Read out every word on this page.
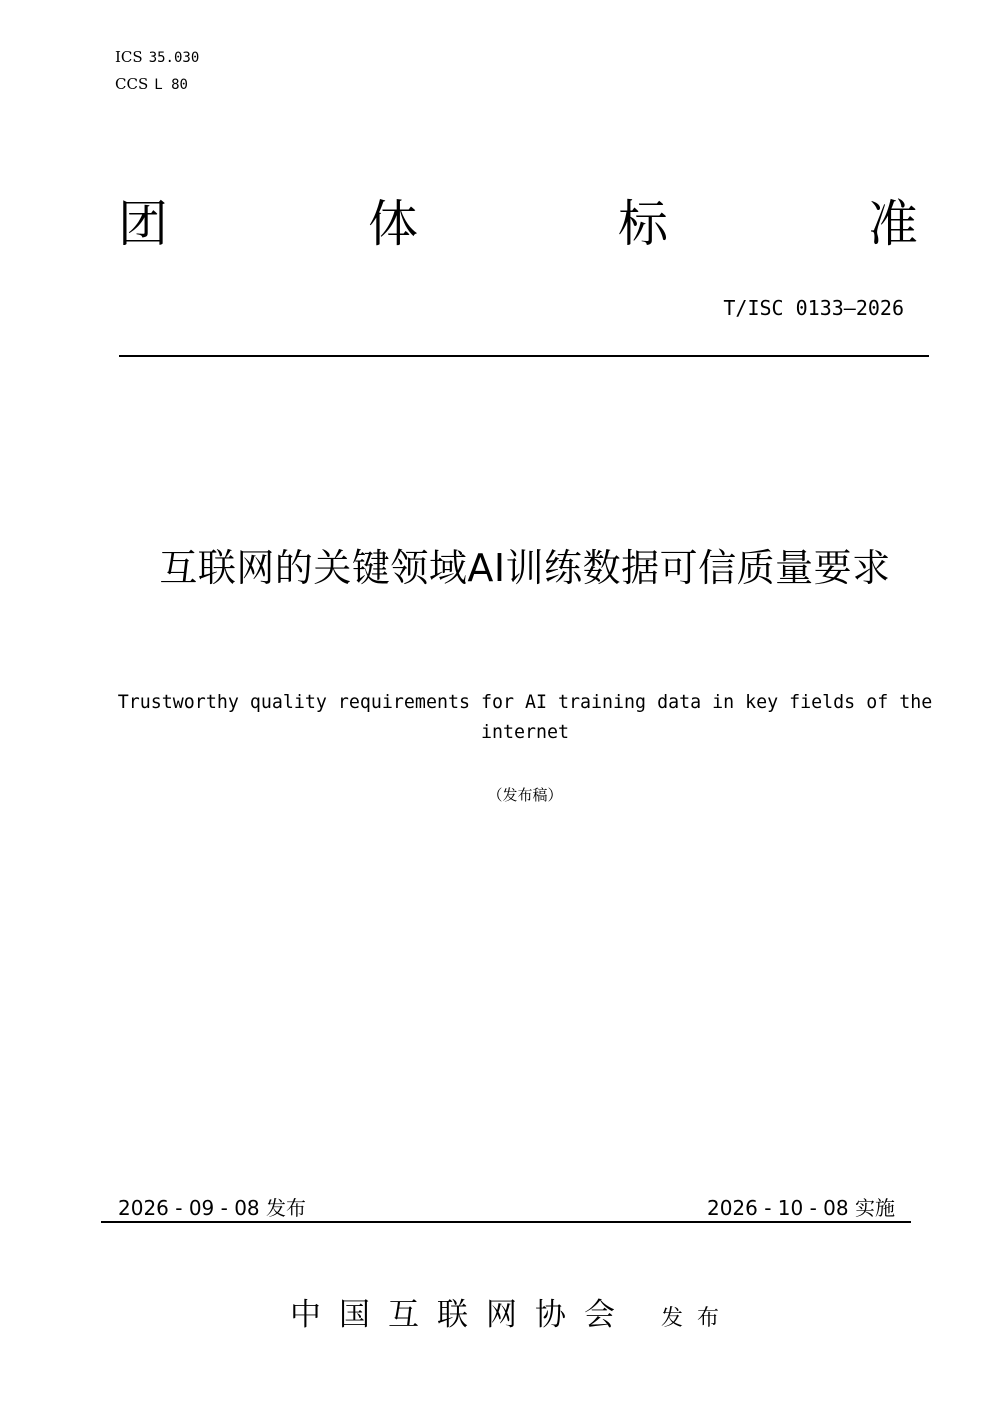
ICS 35.030
CCS L 80
团	体	标	准
T/ISC 0133—2026
互联网的关键领域AI训练数据可信质量要求
Trustworthy quality requirements for AI training data in key fields of the internet
（发布稿）
2026 - 09 - 08 发布	2026 - 10 - 08 实施
中国互联网协会 发布
